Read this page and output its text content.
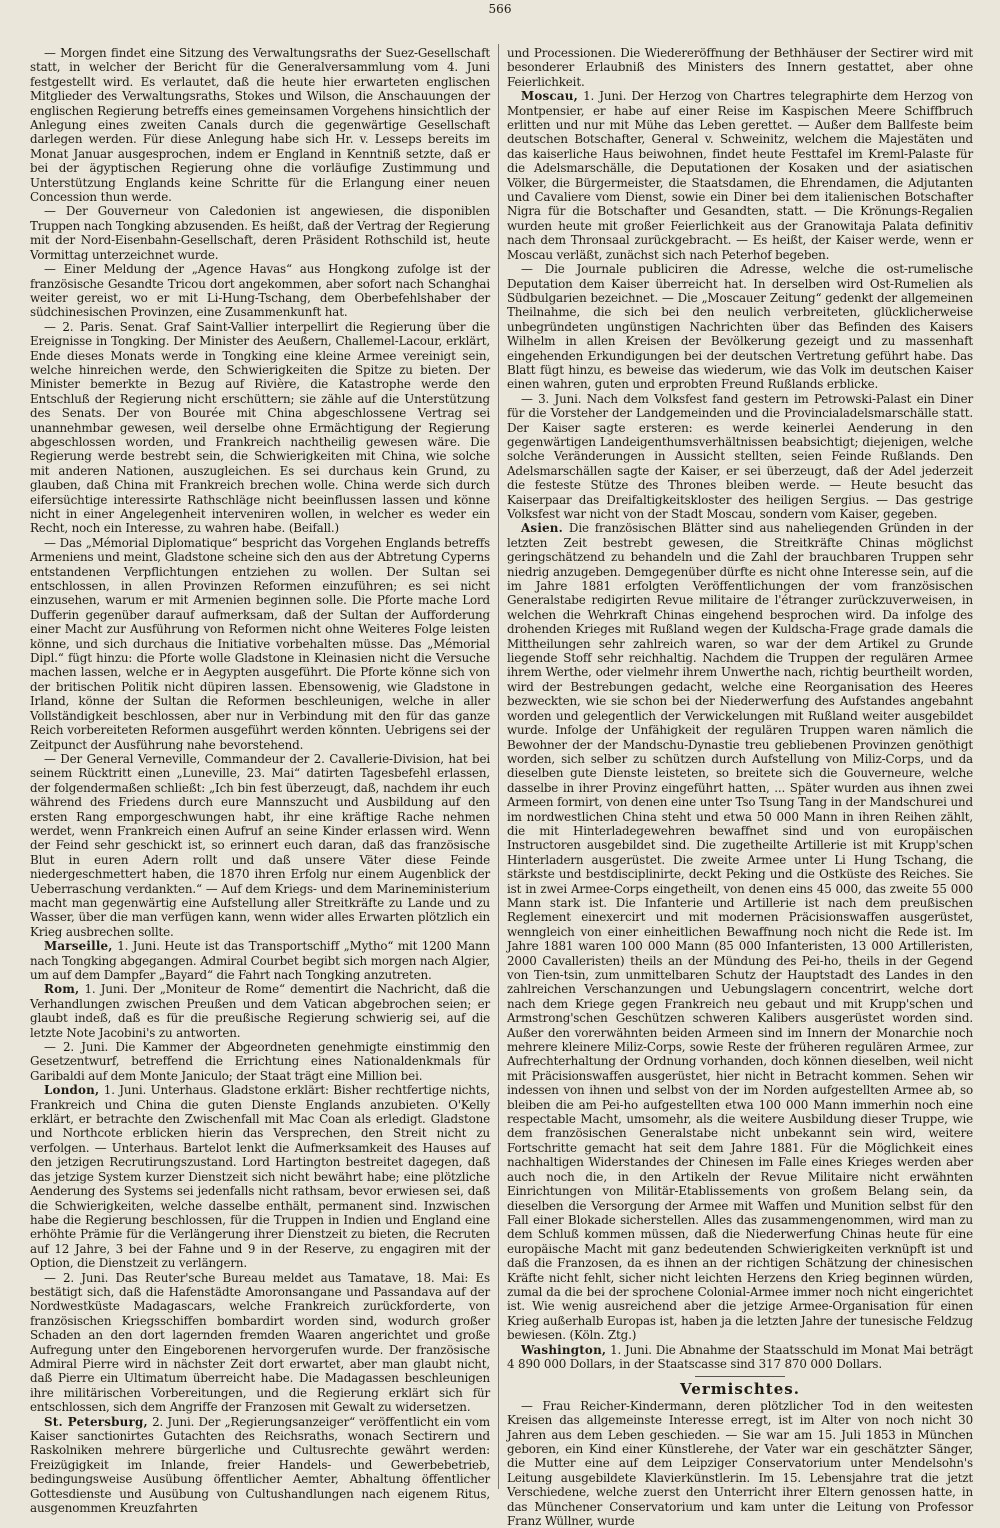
566

— Morgen findet eine Sitzung des Verwaltungsraths der Suez-Gesellschaft statt, in welcher der Bericht für die Generalversammlung vom 4. Juni festgestellt wird. Es verlautet, daß die heute hier erwarteten englischen Mitglieder des Verwaltungsraths, Stokes und Wilson, die Anschauungen der englischen Regierung betreffs eines gemeinsamen Vorgehens hinsichtlich der Anlegung eines zweiten Canals durch die gegenwärtige Gesellschaft darlegen werden. Für diese Anlegung habe sich Hr. v. Lesseps bereits im Monat Januar ausgesprochen, indem er England in Kenntniß setzte, daß er bei der ägyptischen Regierung ohne die vorläufige Zustimmung und Unterstützung Englands keine Schritte für die Erlangung einer neuen Concession thun werde.

— Der Gouverneur von Caledonien ist angewiesen, die disponiblen Truppen nach Tongking abzusenden. Es heißt, daß der Vertrag der Regierung mit der Nord-Eisenbahn-Gesellschaft, deren Präsident Rothschild ist, heute Vormittag unterzeichnet wurde.

— Einer Meldung der „Agence Havas“ aus Hongkong zufolge ist der französische Gesandte Tricou dort angekommen, aber sofort nach Schanghai weiter gereist, wo er mit Li-Hung-Tschang, dem Oberbefehlshaber der südchinesischen Provinzen, eine Zusammenkunft hat.

— 2. Paris. Senat. Graf Saint-Vallier interpellirt die Regierung über die Ereignisse in Tongking. Der Minister des Aeußern, Challemel-Lacour, erklärt, Ende dieses Monats werde in Tongking eine kleine Armee vereinigt sein, welche hinreichen werde, den Schwierigkeiten die Spitze zu bieten. Der Minister bemerkte in Bezug auf Rivière, die Katastrophe werde den Entschluß der Regierung nicht erschüttern; sie zähle auf die Unterstützung des Senats. Der von Bourée mit China abgeschlossene Vertrag sei unannehmbar gewesen, weil derselbe ohne Ermächtigung der Regierung abgeschlossen worden, und Frankreich nachtheilig gewesen wäre. Die Regierung werde bestrebt sein, die Schwierigkeiten mit China, wie solche mit anderen Nationen, auszugleichen. Es sei durchaus kein Grund, zu glauben, daß China mit Frankreich brechen wolle. China werde sich durch eifersüchtige interessirte Rathschläge nicht beeinflussen lassen und könne nicht in einer Angelegenheit interveniren wollen, in welcher es weder ein Recht, noch ein Interesse, zu wahren habe. (Beifall.)

— Das „Mémorial Diplomatique“ bespricht das Vorgehen Englands betreffs Armeniens und meint, Gladstone scheine sich den aus der Abtretung Cyperns entstandenen Verpflichtungen entziehen zu wollen. Der Sultan sei entschlossen, in allen Provinzen Reformen einzuführen; es sei nicht einzusehen, warum er mit Armenien beginnen solle. Die Pforte mache Lord Dufferin gegenüber darauf aufmerksam, daß der Sultan der Aufforderung einer Macht zur Ausführung von Reformen nicht ohne Weiteres Folge leisten könne, und sich durchaus die Initiative vorbehalten müsse. Das „Mémorial Dipl.“ fügt hinzu: die Pforte wolle Gladstone in Kleinasien nicht die Versuche machen lassen, welche er in Aegypten ausgeführt. Die Pforte könne sich von der britischen Politik nicht düpiren lassen. Ebensowenig, wie Gladstone in Irland, könne der Sultan die Reformen beschleunigen, welche in aller Vollständigkeit beschlossen, aber nur in Verbindung mit den für das ganze Reich vorbereiteten Reformen ausgeführt werden könnten. Uebrigens sei der Zeitpunct der Ausführung nahe bevorstehend.

— Der General Verneville, Commandeur der 2. Cavallerie-Division, hat bei seinem Rücktritt einen „Luneville, 23. Mai“ datirten Tagesbefehl erlassen, der folgendermaßen schließt: „Ich bin fest überzeugt, daß, nachdem ihr euch während des Friedens durch eure Mannszucht und Ausbildung auf den ersten Rang emporgeschwungen habt, ihr eine kräftige Rache nehmen werdet, wenn Frankreich einen Aufruf an seine Kinder erlassen wird. Wenn der Feind sehr geschickt ist, so erinnert euch daran, daß das französische Blut in euren Adern rollt und daß unsere Väter diese Feinde niedergeschmettert haben, die 1870 ihren Erfolg nur einem Augenblick der Ueberraschung verdankten.“ — Auf dem Kriegs- und dem Marineministerium macht man gegenwärtig eine Aufstellung aller Streitkräfte zu Lande und zu Wasser, über die man verfügen kann, wenn wider alles Erwarten plötzlich ein Krieg ausbrechen sollte.

Marseille, 1. Juni. Heute ist das Transportschiff „Mytho“ mit 1200 Mann nach Tongking abgegangen. Admiral Courbet begibt sich morgen nach Algier, um auf dem Dampfer „Bayard“ die Fahrt nach Tongking anzutreten.

Rom, 1. Juni. Der „Moniteur de Rome“ dementirt die Nachricht, daß die Verhandlungen zwischen Preußen und dem Vatican abgebrochen seien; er glaubt indeß, daß es für die preußische Regierung schwierig sei, auf die letzte Note Jacobini's zu antworten.

— 2. Juni. Die Kammer der Abgeordneten genehmigte einstimmig den Gesetzentwurf, betreffend die Errichtung eines Nationaldenkmals für Garibaldi auf dem Monte Janiculo; der Staat trägt eine Million bei.

London, 1. Juni. Unterhaus. Gladstone erklärt: Bisher rechtfertige nichts, Frankreich und China die guten Dienste Englands anzubieten. O'Kelly erklärt, er betrachte den Zwischenfall mit Mac Coan als erledigt. Gladstone und Northcote erblicken hierin das Versprechen, den Streit nicht zu verfolgen. — Unterhaus. Bartelot lenkt die Aufmerksamkeit des Hauses auf den jetzigen Recrutirungszustand. Lord Hartington bestreitet dagegen, daß das jetzige System kurzer Dienstzeit sich nicht bewährt habe; eine plötzliche Aenderung des Systems sei jedenfalls nicht rathsam, bevor erwiesen sei, daß die Schwierigkeiten, welche dasselbe enthält, permanent sind. Inzwischen habe die Regierung beschlossen, für die Truppen in Indien und England eine erhöhte Prämie für die Verlängerung ihrer Dienstzeit zu bieten, die Recruten auf 12 Jahre, 3 bei der Fahne und 9 in der Reserve, zu engagiren mit der Option, die Dienstzeit zu verlängern.

— 2. Juni. Das Reuter'sche Bureau meldet aus Tamatave, 18. Mai: Es bestätigt sich, daß die Hafenstädte Amoronsangane und Passandava auf der Nordwestküste Madagascars, welche Frankreich zurückforderte, von französischen Kriegsschiffen bombardirt worden sind, wodurch großer Schaden an den dort lagernden fremden Waaren angerichtet und große Aufregung unter den Eingeborenen hervorgerufen wurde. Der französische Admiral Pierre wird in nächster Zeit dort erwartet, aber man glaubt nicht, daß Pierre ein Ultimatum überreicht habe. Die Madagassen beschleunigen ihre militärischen Vorbereitungen, und die Regierung erklärt sich für entschlossen, sich dem Angriffe der Franzosen mit Gewalt zu widersetzen.

St. Petersburg, 2. Juni. Der „Regierungsanzeiger“ veröffentlicht ein vom Kaiser sanctionirtes Gutachten des Reichsraths, wonach Sectirern und Raskolniken mehrere bürgerliche und Cultusrechte gewährt werden: Freizügigkeit im Inlande, freier Handels- und Gewerbebetrieb, bedingungsweise Ausübung öffentlicher Aemter, Abhaltung öffentlicher Gottesdienste und Ausübung von Cultushandlungen nach eigenem Ritus, ausgenommen Kreuzfahrten

und Processionen. Die Wiedereröffnung der Bethhäuser der Sectirer wird mit besonderer Erlaubniß des Ministers des Innern gestattet, aber ohne Feierlichkeit.

Moscau, 1. Juni. Der Herzog von Chartres telegraphirte dem Herzog von Montpensier, er habe auf einer Reise im Kaspischen Meere Schiffbruch erlitten und nur mit Mühe das Leben gerettet. — Außer dem Ballfeste beim deutschen Botschafter, General v. Schweinitz, welchem die Majestäten und das kaiserliche Haus beiwohnen, findet heute Festtafel im Kreml-Palaste für die Adelsmarschälle, die Deputationen der Kosaken und der asiatischen Völker, die Bürgermeister, die Staatsdamen, die Ehrendamen, die Adjutanten und Cavaliere vom Dienst, sowie ein Diner bei dem italienischen Botschafter Nigra für die Botschafter und Gesandten, statt. — Die Krönungs-Regalien wurden heute mit großer Feierlichkeit aus der Granowitaja Palata definitiv nach dem Thronsaal zurückgebracht. — Es heißt, der Kaiser werde, wenn er Moscau verläßt, zunächst sich nach Peterhof begeben.

— Die Journale publiciren die Adresse, welche die ost-rumelische Deputation dem Kaiser überreicht hat. In derselben wird Ost-Rumelien als Südbulgarien bezeichnet. — Die „Moscauer Zeitung“ gedenkt der allgemeinen Theilnahme, die sich bei den neulich verbreiteten, glücklicherweise unbegründeten ungünstigen Nachrichten über das Befinden des Kaisers Wilhelm in allen Kreisen der Bevölkerung gezeigt und zu massenhaft eingehenden Erkundigungen bei der deutschen Vertretung geführt habe. Das Blatt fügt hinzu, es beweise das wiederum, wie das Volk im deutschen Kaiser einen wahren, guten und erprobten Freund Rußlands erblicke.

— 3. Juni. Nach dem Volksfest fand gestern im Petrowski-Palast ein Diner für die Vorsteher der Landgemeinden und die Provincialadelsmarschälle statt. Der Kaiser sagte ersteren: es werde keinerlei Aenderung in den gegenwärtigen Landeigenthumsverhältnissen beabsichtigt; diejenigen, welche solche Veränderungen in Aussicht stellten, seien Feinde Rußlands. Den Adelsmarschällen sagte der Kaiser, er sei überzeugt, daß der Adel jederzeit die festeste Stütze des Thrones bleiben werde. — Heute besucht das Kaiserpaar das Dreifaltigkeitskloster des heiligen Sergius. — Das gestrige Volksfest war nicht von der Stadt Moscau, sondern vom Kaiser, gegeben.

Asien. Die französischen Blätter sind aus naheliegenden Gründen in der letzten Zeit bestrebt gewesen, die Streitkräfte Chinas möglichst geringschätzend zu behandeln und die Zahl der brauchbaren Truppen sehr niedrig anzugeben. Demgegenüber dürfte es nicht ohne Interesse sein, auf die im Jahre 1881 erfolgten Veröffentlichungen der vom französischen Generalstabe redigirten Revue militaire de l'étranger zurückzuverweisen, in welchen die Wehrkraft Chinas eingehend besprochen wird. Da infolge des drohenden Krieges mit Rußland wegen der Kuldscha-Frage grade damals die Mittheilungen sehr zahlreich waren, so war der dem Artikel zu Grunde liegende Stoff sehr reichhaltig. Nachdem die Truppen der regulären Armee ihrem Werthe, oder vielmehr ihrem Unwerthe nach, richtig beurtheilt worden, wird der Bestrebungen gedacht, welche eine Reorganisation des Heeres bezweckten, wie sie schon bei der Niederwerfung des Aufstandes angebahnt worden und gelegentlich der Verwickelungen mit Rußland weiter ausgebildet wurde. Infolge der Unfähigkeit der regulären Truppen waren nämlich die Bewohner der der Mandschu-Dynastie treu gebliebenen Provinzen genöthigt worden, sich selber zu schützen durch Aufstellung von Miliz-Corps, und da dieselben gute Dienste leisteten, so breitete sich die Gouverneure, welche dasselbe in ihrer Provinz eingeführt hatten, ... Später wurden aus ihnen zwei Armeen formirt, von denen eine unter Tso Tsung Tang in der Mandschurei und im nordwestlichen China steht und etwa 50 000 Mann in ihren Reihen zählt, die mit Hinterladegewehren bewaffnet sind und von europäischen Instructoren ausgebildet sind. Die zugetheilte Artillerie ist mit Krupp'schen Hinterladern ausgerüstet. Die zweite Armee unter Li Hung Tschang, die stärkste und bestdisciplinirte, deckt Peking und die Ostküste des Reiches. Sie ist in zwei Armee-Corps eingetheilt, von denen eins 45 000, das zweite 55 000 Mann stark ist. Die Infanterie und Artillerie ist nach dem preußischen Reglement einexercirt und mit modernen Präcisionswaffen ausgerüstet, wenngleich von einer einheitlichen Bewaffnung noch nicht die Rede ist. Im Jahre 1881 waren 100 000 Mann (85 000 Infanteristen, 13 000 Artilleristen, 2000 Cavalleristen) theils an der Mündung des Pei-ho, theils in der Gegend von Tien-tsin, zum unmittelbaren Schutz der Hauptstadt des Landes in den zahlreichen Verschanzungen und Uebungslagern concentrirt, welche dort nach dem Kriege gegen Frankreich neu gebaut und mit Krupp'schen und Armstrong'schen Geschützen schweren Kalibers ausgerüstet worden sind. Außer den vorerwähnten beiden Armeen sind im Innern der Monarchie noch mehrere kleinere Miliz-Corps, sowie Reste der früheren regulären Armee, zur Aufrechterhaltung der Ordnung vorhanden, doch können dieselben, weil nicht mit Präcisionswaffen ausgerüstet, hier nicht in Betracht kommen. Sehen wir indessen von ihnen und selbst von der im Norden aufgestellten Armee ab, so bleiben die am Pei-ho aufgestellten etwa 100 000 Mann immerhin noch eine respectable Macht, umsomehr, als die weitere Ausbildung dieser Truppe, wie dem französischen Generalstabe nicht unbekannt sein wird, weitere Fortschritte gemacht hat seit dem Jahre 1881. Für die Möglichkeit eines nachhaltigen Widerstandes der Chinesen im Falle eines Krieges werden aber auch noch die, in den Artikeln der Revue Militaire nicht erwähnten Einrichtungen von Militär-Etablissements von großem Belang sein, da dieselben die Versorgung der Armee mit Waffen und Munition selbst für den Fall einer Blokade sicherstellen. Alles das zusammengenommen, wird man zu dem Schluß kommen müssen, daß die Niederwerfung Chinas heute für eine europäische Macht mit ganz bedeutenden Schwierigkeiten verknüpft ist und daß die Franzosen, da es ihnen an der richtigen Schätzung der chinesischen Kräfte nicht fehlt, sicher nicht leichten Herzens den Krieg beginnen würden, zumal da die bei der sprochene Colonial-Armee immer noch nicht eingerichtet ist. Wie wenig ausreichend aber die jetzige Armee-Organisation für einen Krieg außerhalb Europas ist, haben ja die letzten Jahre der tunesische Feldzug bewiesen. (Köln. Ztg.)

Washington, 1. Juni. Die Abnahme der Staatsschuld im Monat Mai beträgt 4 890 000 Dollars, in der Staatscasse sind 317 870 000 Dollars.

Vermischtes.

— Frau Reicher-Kindermann, deren plötzlicher Tod in den weitesten Kreisen das allgemeinste Interesse erregt, ist im Alter von noch nicht 30 Jahren aus dem Leben geschieden. — Sie war am 15. Juli 1853 in München geboren, ein Kind einer Künstlerehe, der Vater war ein geschätzter Sänger, die Mutter eine auf dem Leipziger Conservatorium unter Mendelsohn's Leitung ausgebildete Klavierkünstlerin. Im 15. Lebensjahre trat die jetzt Verschiedene, welche zuerst den Unterricht ihrer Eltern genossen hatte, in das Münchener Conservatorium und kam unter die Leitung von Professor Franz Wüllner, wurde
